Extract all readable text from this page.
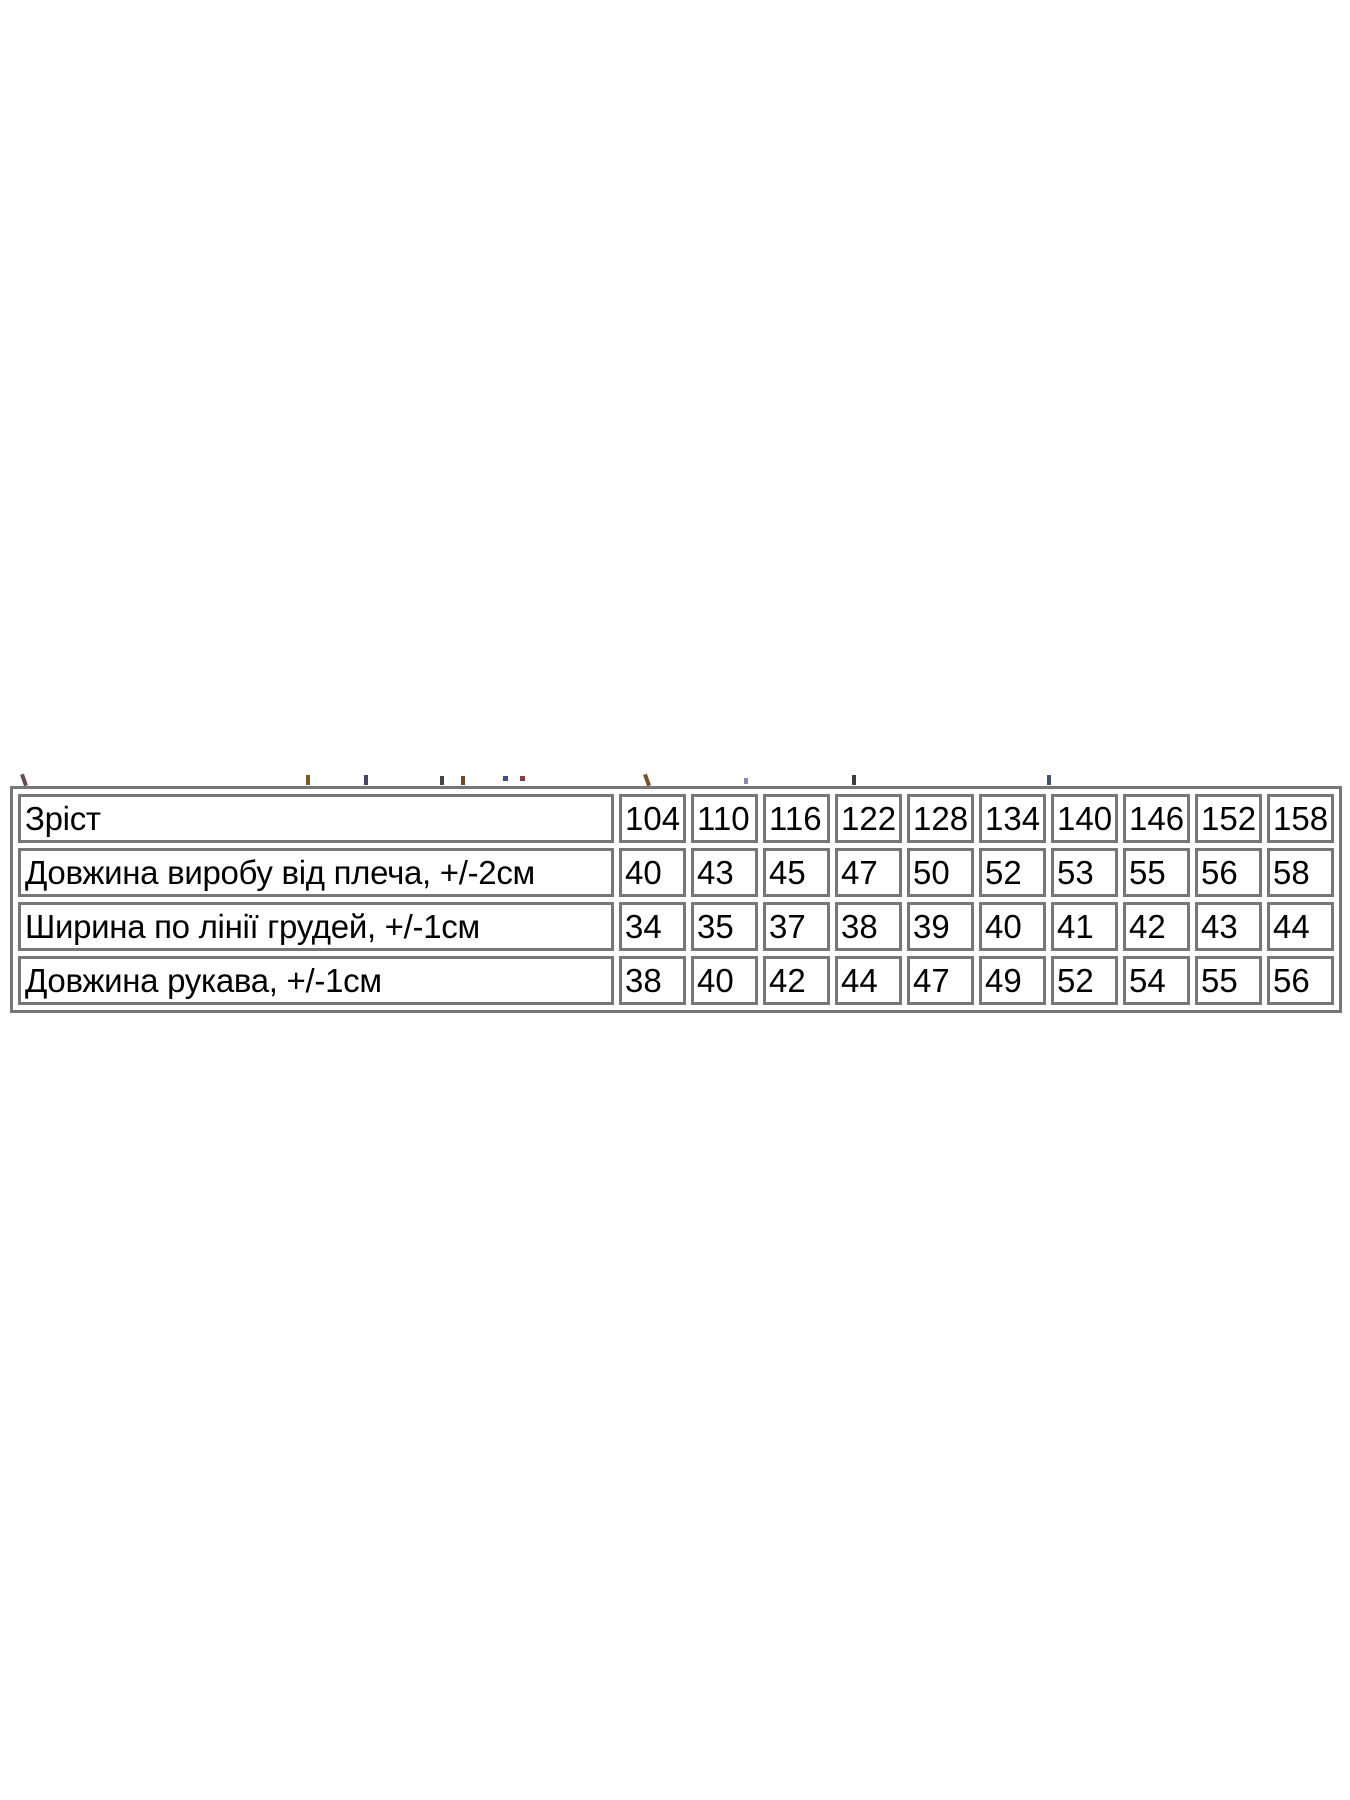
Зріст	104	110	116	122	128	134	140	146	152	158
Довжина виробу від плеча, +/-2см	40	43	45	47	50	52	53	55	56	58
Ширина по лінії грудей, +/-1см	34	35	37	38	39	40	41	42	43	44
Довжина рукава, +/-1см	38	40	42	44	47	49	52	54	55	56
